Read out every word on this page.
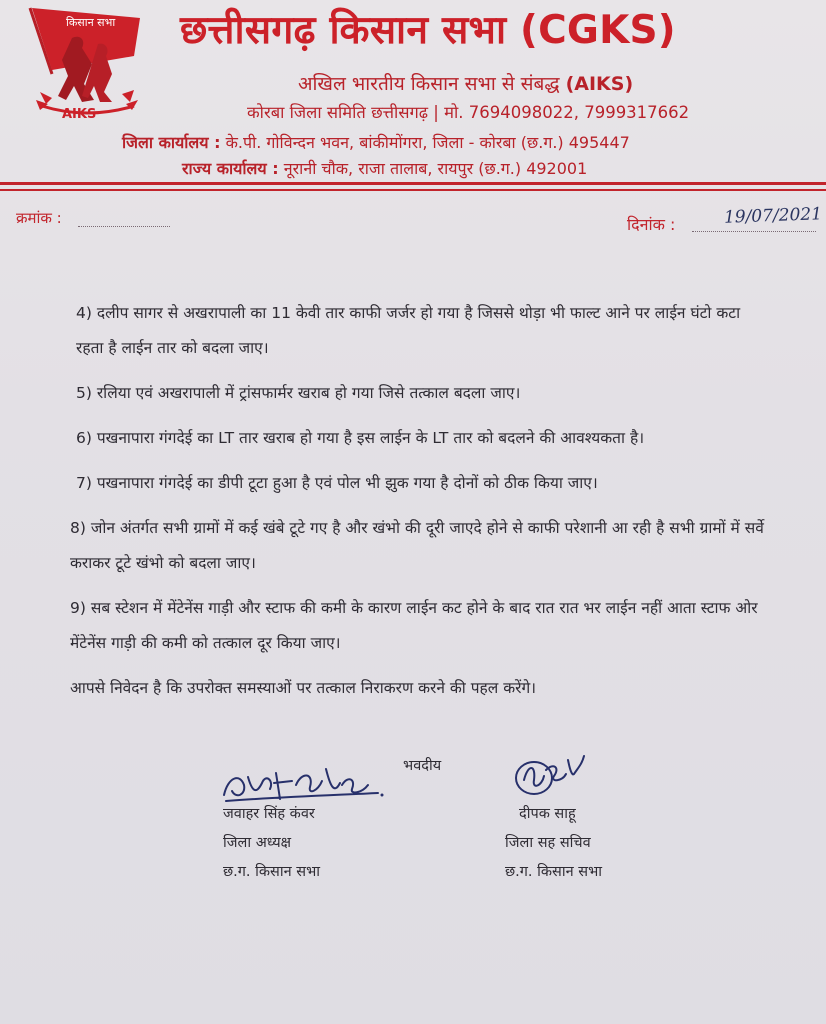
किसान सभा
AIKS
छत्तीसगढ़ किसान सभा (CGKS)
अखिल भारतीय किसान सभा से संबद्ध (AIKS)
कोरबा जिला समिति छत्तीसगढ़ | मो. 7694098022, 7999317662
जिला कार्यालय : के.पी. गोविन्दन भवन, बांकीमोंगरा, जिला - कोरबा (छ.ग.) 495447
राज्य कार्यालय : नूरानी चौक, राजा तालाब, रायपुर (छ.ग.) 492001
क्रमांक :	दिनांक :	19/07/2021

4) दलीप सागर से अखरापाली का 11 केवी तार काफी जर्जर हो गया है जिससे थोड़ा भी फाल्ट आने पर लाईन घंटो कटा रहता है लाईन तार को बदला जाए।

5) रलिया एवं अखरापाली में ट्रांसफार्मर खराब हो गया जिसे तत्काल बदला जाए।

6) पखनापारा गंगदेई का LT तार खराब हो गया है इस लाईन के LT तार को बदलने की आवश्यकता है।

7) पखनापारा गंगदेई का डीपी टूटा हुआ है एवं पोल भी झुक गया है दोनों को ठीक किया जाए।

8) जोन अंतर्गत सभी ग्रामों में कई खंबे टूटे गए है और खंभो की दूरी जाएदे होने से काफी परेशानी आ रही है सभी ग्रामों में सर्वे कराकर टूटे खंभो को बदला जाए।

9) सब स्टेशन में मेंटेनेंस गाड़ी और स्टाफ की कमी के कारण लाईन कट होने के बाद रात रात भर लाईन नहीं आता स्टाफ ओर मेंटेनेंस गाड़ी की कमी को तत्काल दूर किया जाए।

आपसे निवेदन है कि उपरोक्त समस्याओं पर तत्काल निराकरण करने की पहल करेंगे।

भवदीय
जवाहर सिंह कंवर
जिला अध्यक्ष
छ.ग. किसान सभा
दीपक साहू
जिला सह सचिव
छ.ग. किसान सभा
